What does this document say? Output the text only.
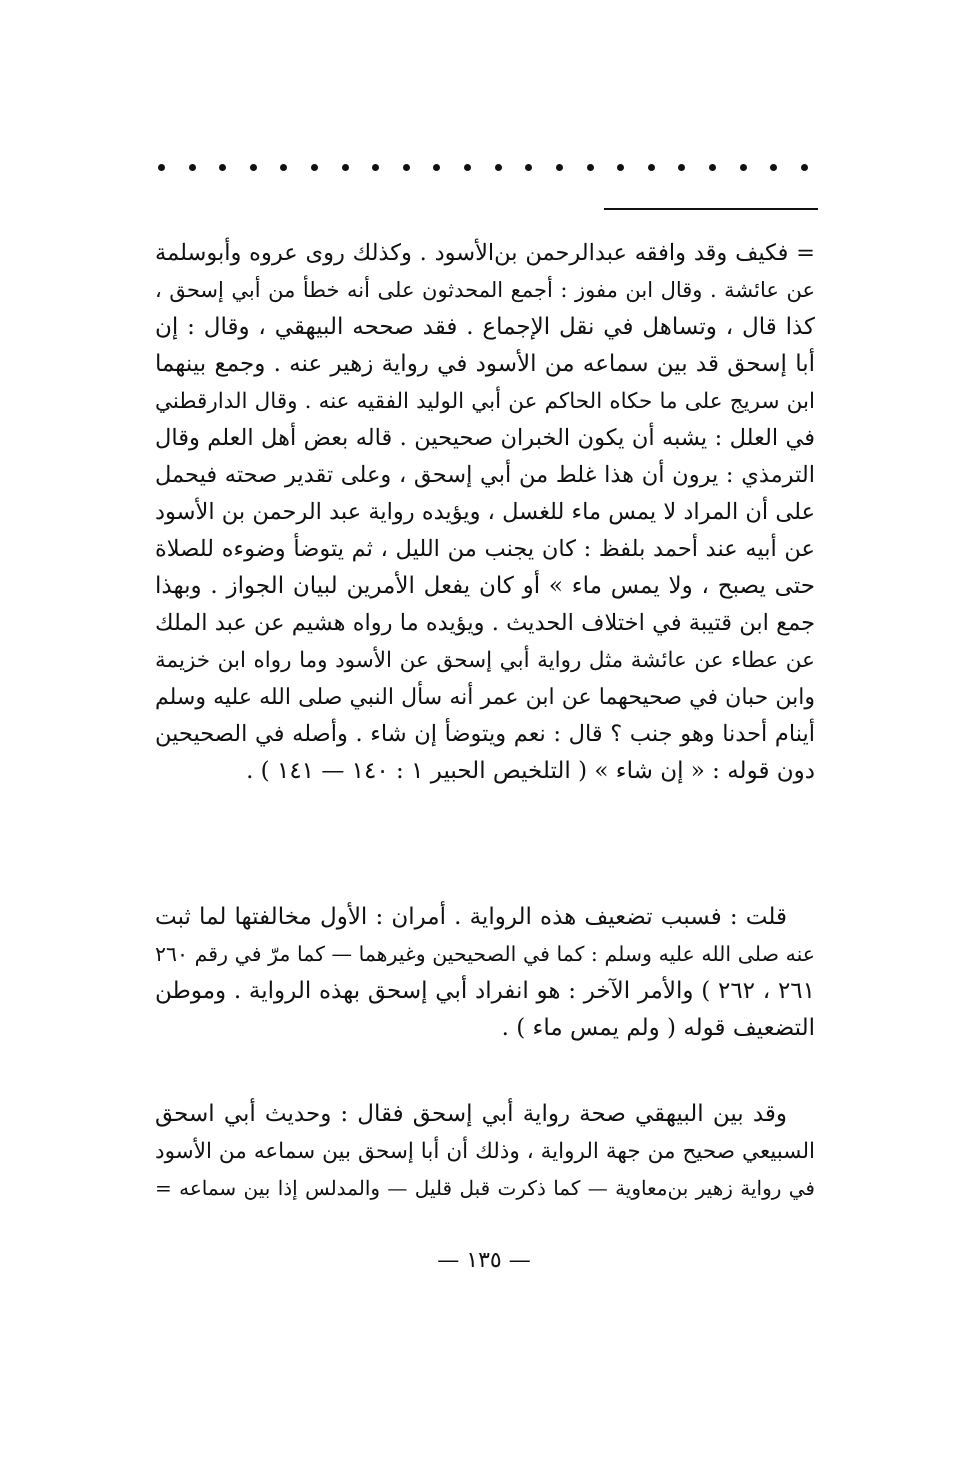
= فكيف وقد وافقه عبدالرحمن بن‌الأسود . وكذلك روى عروه وأبوسلمة
عن عائشة . وقال ابن مفوز : أجمع المحدثون على أنه خطأ من أبي إسحق ،
كذا قال ، وتساهل في نقل الإجماع . فقد صححه البيهقي ، وقال : إن
أبا إسحق قد بين سماعه من الأسود في رواية زهير عنه . وجمع بينهما
ابن سريج على ما حكاه الحاكم عن أبي الوليد الفقيه عنه . وقال الدارقطني
في العلل : يشبه أن يكون الخبران صحيحين . قاله بعض أهل العلم وقال
الترمذي : يرون أن هذا غلط من أبي إسحق ، وعلى تقدير صحته فيحمل
على أن المراد لا يمس ماء للغسل ، ويؤيده رواية عبد الرحمن بن الأسود
عن أبيه عند أحمد بلفظ : كان يجنب من الليل ، ثم يتوضأ وضوءه للصلاة
حتى يصبح ، ولا يمس ماء » أو كان يفعل الأمرين لبيان الجواز . وبهذا
جمع ابن قتيبة في اختلاف الحديث . ويؤيده ما رواه هشيم عن عبد الملك
عن عطاء عن عائشة مثل رواية أبي إسحق عن الأسود وما رواه ابن خزيمة
وابن حبان في صحيحهما عن ابن عمر أنه سأل النبي صلى الله عليه وسلم
أينام أحدنا وهو جنب ؟ قال : نعم ويتوضأ إن شاء . وأصله في الصحيحين
دون قوله : « إن شاء » ( التلخيص الحبير ١ : ١٤٠ — ١٤١ ) .
قلت : فسبب تضعيف هذه الرواية . أمران : الأول مخالفتها لما ثبت
عنه صلى الله عليه وسلم : كما في الصحيحين وغيرهما — كما مرّ في رقم ٢٦٠
٢٦١ ، ٢٦٢ ) والأمر الآخر : هو انفراد أبي إسحق بهذه الرواية . وموطن
التضعيف قوله ( ولم يمس ماء ) .
وقد بين البيهقي صحة رواية أبي إسحق فقال : وحديث أبي اسحق
السبيعي صحيح من جهة الرواية ، وذلك أن أبا إسحق بين سماعه من الأسود
في رواية زهير بن‌معاوية — كما ذكرت قبل قليل — والمدلس إذا بين سماعه =
— ١٣٥ —
